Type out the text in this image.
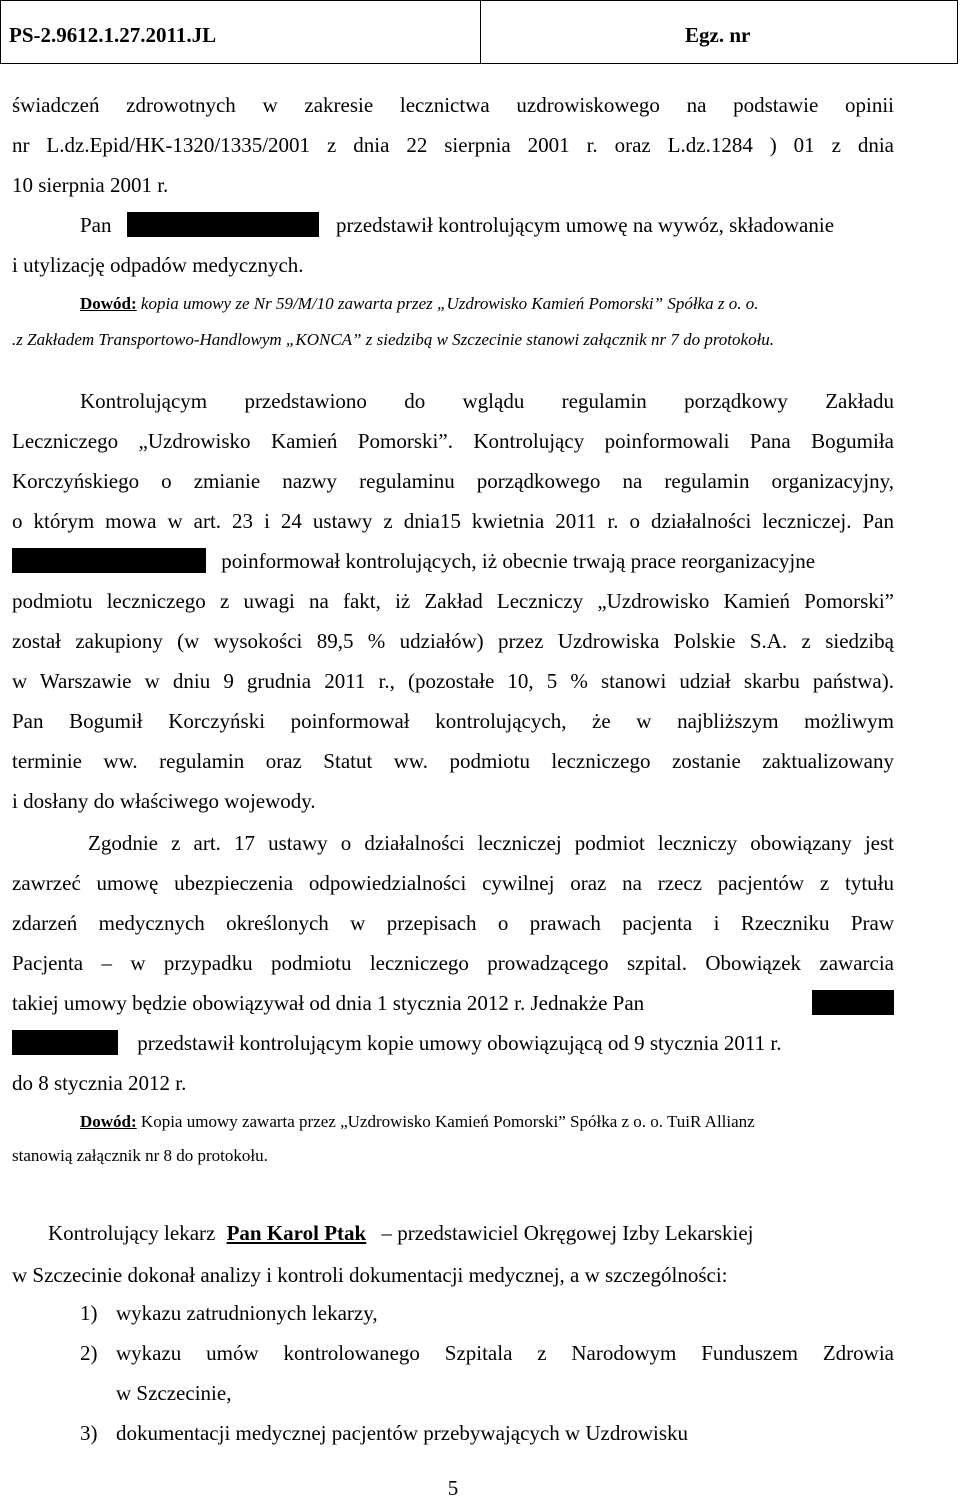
PS-2.9612.1.27.2011.JL	Egz. nr
świadczeń zdrowotnych w zakresie lecznictwa uzdrowiskowego na podstawie opinii
nr L.dz.Epid/HK-1320/1335/2001 z dnia 22 sierpnia 2001 r. oraz L.dz.1284 ) 01 z dnia
10 sierpnia 2001 r.
Pan	przedstawił kontrolującym umowę na wywóz, składowanie
i utylizację odpadów medycznych.
Dowód: kopia umowy ze Nr 59/M/10 zawarta przez „Uzdrowisko Kamień Pomorski” Spółka z o. o.
.z Zakładem Transportowo-Handlowym „KONCA” z siedzibą w Szczecinie stanowi załącznik nr 7 do protokołu.
Kontrolującym przedstawiono do wglądu regulamin porządkowy Zakładu
Leczniczego „Uzdrowisko Kamień Pomorski”. Kontrolujący poinformowali Pana Bogumiła
Korczyńskiego o zmianie nazwy regulaminu porządkowego na regulamin organizacyjny,
o którym mowa w art. 23 i 24 ustawy z dnia15 kwietnia 2011 r. o działalności leczniczej. Pan
poinformował kontrolujących, iż obecnie trwają prace reorganizacyjne
podmiotu leczniczego z uwagi na fakt, iż Zakład Leczniczy „Uzdrowisko Kamień Pomorski”
został zakupiony (w wysokości 89,5 % udziałów) przez Uzdrowiska Polskie S.A. z siedzibą
w Warszawie w dniu 9 grudnia 2011 r., (pozostałe 10, 5 % stanowi udział skarbu państwa).
Pan Bogumił Korczyński poinformował kontrolujących, że w najbliższym możliwym
terminie ww. regulamin oraz Statut ww. podmiotu leczniczego zostanie zaktualizowany
i dosłany do właściwego wojewody.
Zgodnie z art. 17 ustawy o działalności leczniczej podmiot leczniczy obowiązany jest
zawrzeć umowę ubezpieczenia odpowiedzialności cywilnej oraz na rzecz pacjentów z tytułu
zdarzeń medycznych określonych w przepisach o prawach pacjenta i Rzeczniku Praw
Pacjenta – w przypadku podmiotu leczniczego prowadzącego szpital. Obowiązek zawarcia
takiej umowy będzie obowiązywał od dnia 1 stycznia 2012 r. Jednakże Pan
przedstawił kontrolującym kopie umowy obowiązującą od 9 stycznia 2011 r.
do 8 stycznia 2012 r.
Dowód: Kopia umowy zawarta przez „Uzdrowisko Kamień Pomorski” Spółka z o. o. TuiR Allianz
stanowią załącznik nr 8 do protokołu.
Kontrolujący lekarz Pan Karol Ptak – przedstawiciel Okręgowej Izby Lekarskiej
w Szczecinie dokonał analizy i kontroli dokumentacji medycznej, a w szczególności:
1) wykazu zatrudnionych lekarzy,
2) wykazu umów kontrolowanego Szpitala z Narodowym Funduszem Zdrowia
w Szczecinie,
3) dokumentacji medycznej pacjentów przebywających w Uzdrowisku
5
